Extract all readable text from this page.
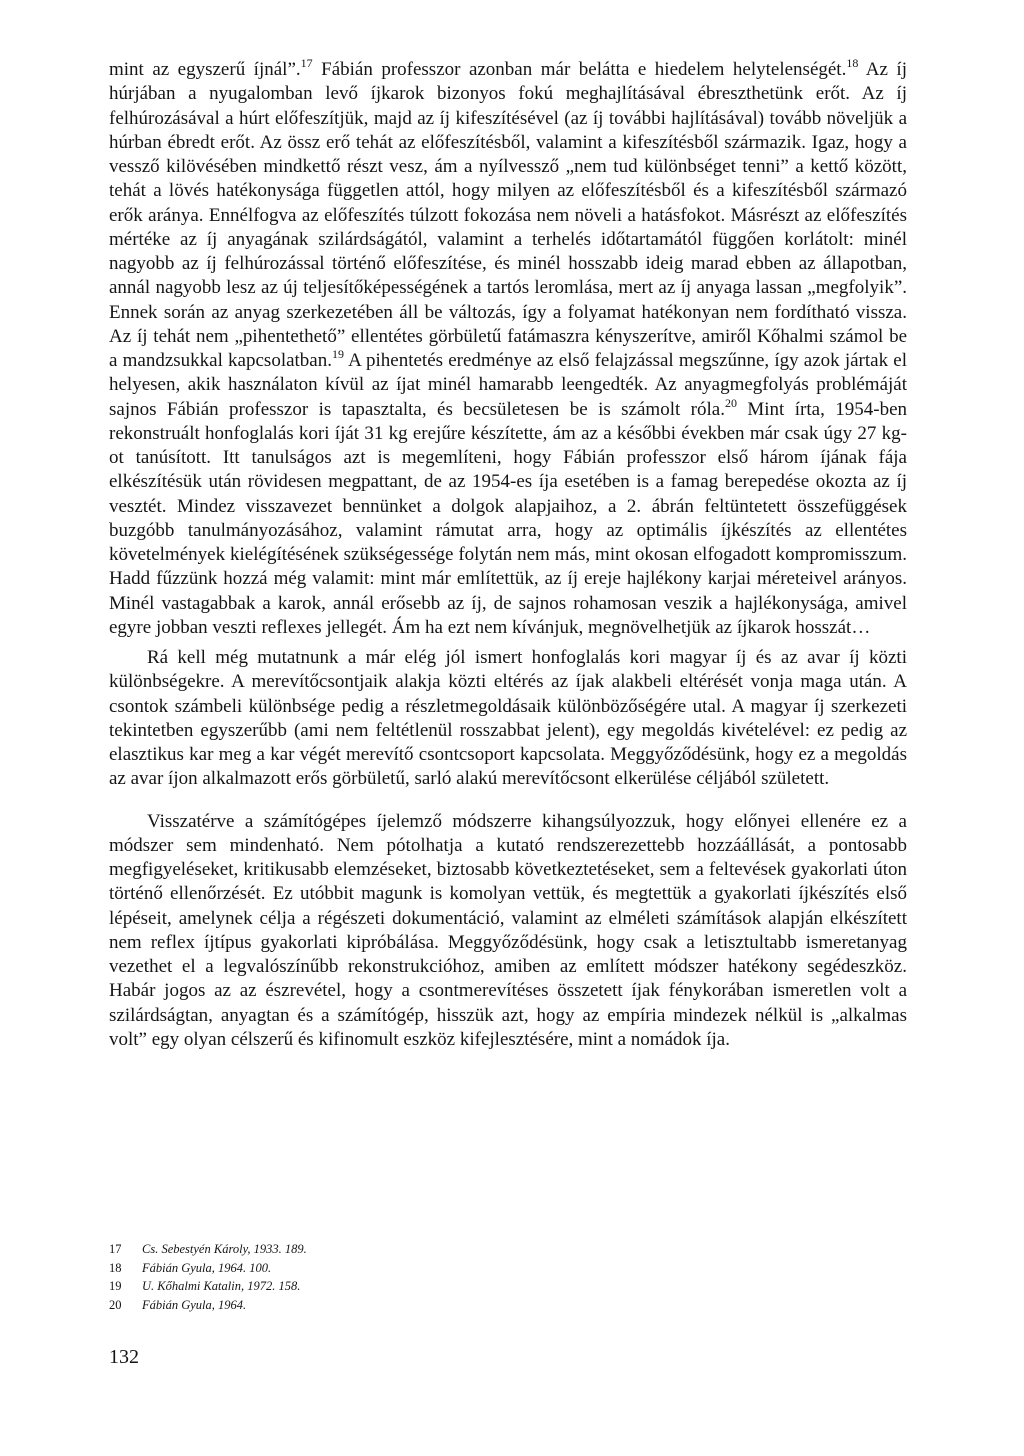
mint az egyszerű íjnál”.$^{17}$ Fábián professzor azonban már belátta e hiedelem helytelenségét.$^{18}$ Az íj húrjában a nyugalomban levő íjkarok bizonyos fokú meghajlításával ébreszthetünk erőt. Az íj felhúrozásával a húrt előfeszítjük, majd az íj kifeszítésével (az íj további hajlításával) tovább növeljük a húrban ébredt erőt. Az össz erő tehát az előfeszítésből, valamint a kifeszítésből származik. Igaz, hogy a vessző kilövésében mindkettő részt vesz, ám a nyílvessző „nem tud különbséget tenni” a kettő között, tehát a lövés hatékonysága független attól, hogy milyen az előfeszítésből és a kifeszítésből származó erők aránya. Ennélfogva az előfeszítés túlzott fokozása nem növeli a hatásfokot. Másrészt az előfeszítés mértéke az íj anyagának szilárdságától, valamint a terhelés időtartamától függően korlátolt: minél nagyobb az íj felhúrozással történő előfeszítése, és minél hosszabb ideig marad ebben az állapotban, annál nagyobb lesz az új teljesítőképességének a tartós leromlása, mert az íj anyaga lassan „megfolyik”. Ennek során az anyag szerkezetében áll be változás, így a folyamat hatékonyan nem fordítható vissza. Az íj tehát nem „pihentethető” ellentétes görbületű fatámaszra kényszerítve, amiről Kőhalmi számol be a mandzsukkal kapcsolatban.$^{19}$ A pihentetés eredménye az első felajzással megszűnne, így azok jártak el helyesen, akik használaton kívül az íjat minél hamarabb leengedték. Az anyagmegfolyás problémáját sajnos Fábián professzor is tapasztalta, és becsületesen be is számolt róla.$^{20}$ Mint írta, 1954-ben rekonstruált honfoglalás kori íját 31 kg erejűre készítette, ám az a későbbi években már csak úgy 27 kg-ot tanúsított. Itt tanulságos azt is megemlíteni, hogy Fábián professzor első három íjának fája elkészítésük után rövidesen megpattant, de az 1954-es íja esetében is a famag berepedése okozta az íj vesztét. Mindez visszavezet bennünket a dolgok alapjaihoz, a 2. ábrán feltüntetett összefüggések buzgóbb tanulmányozásához, valamint rámutat arra, hogy az optimális íjkészítés az ellentétes követelmények kielégítésének szükségessége folytán nem más, mint okosan elfogadott kompromisszum. Hadd fűzzünk hozzá még valamit: mint már említettük, az íj ereje hajlékony karjai méreteivel arányos. Minél vastagabbak a karok, annál erősebb az íj, de sajnos rohamosan veszik a hajlékonysága, amivel egyre jobban veszti reflexes jellegét. Ám ha ezt nem kívánjuk, megnövelhetjük az íjkarok hosszát…

Rá kell még mutatnunk a már elég jól ismert honfoglalás kori magyar íj és az avar íj közti különbségekre. A merevítőcsontjaik alakja közti eltérés az íjak alakbeli eltérését vonja maga után. A csontok számbeli különbsége pedig a részletmegoldásaik különbözőségére utal. A magyar íj szerkezeti tekintetben egyszerűbb (ami nem feltétlenül rosszabbat jelent), egy megoldás kivételével: ez pedig az elasztikus kar meg a kar végét merevítő csontcsoport kapcsolata. Meggyőződésünk, hogy ez a megoldás az avar íjon alkalmazott erős görbületű, sarló alakú merevítőcsont elkerülése céljából született.

Visszatérve a számítógépes íjelemző módszerre kihangsúlyozzuk, hogy előnyei ellenére ez a módszer sem mindenható. Nem pótolhatja a kutató rendszerezettebb hozzáállását, a pontosabb megfigyeléseket, kritikusabb elemzéseket, biztosabb következtetéseket, sem a feltevések gyakorlati úton történő ellenőrzését. Ez utóbbit magunk is komolyan vettük, és megtettük a gyakorlati íjkészítés első lépéseit, amelynek célja a régészeti dokumentáció, valamint az elméleti számítások alapján elkészített nem reflex íjtípus gyakorlati kipróbálása. Meggyőződésünk, hogy csak a letisztultabb ismeretanyag vezethet el a legvalószínűbb rekonstrukcióhoz, amiben az említett módszer hatékony segédeszköz. Habár jogos az az észrevétel, hogy a csontmerevítéses összetett íjak fénykorában ismeretlen volt a szilárdságtan, anyagtan és a számítógép, hisszük azt, hogy az empíria mindezek nélkül is „alkalmas volt” egy olyan célszerű és kifinomult eszköz kifejlesztésére, mint a nomádok íja.

17 Cs. Sebestyén Károly, 1933. 189.

18 Fábián Gyula, 1964. 100.

19 U. Kőhalmi Katalin, 1972. 158.

20 Fábián Gyula, 1964.

132
